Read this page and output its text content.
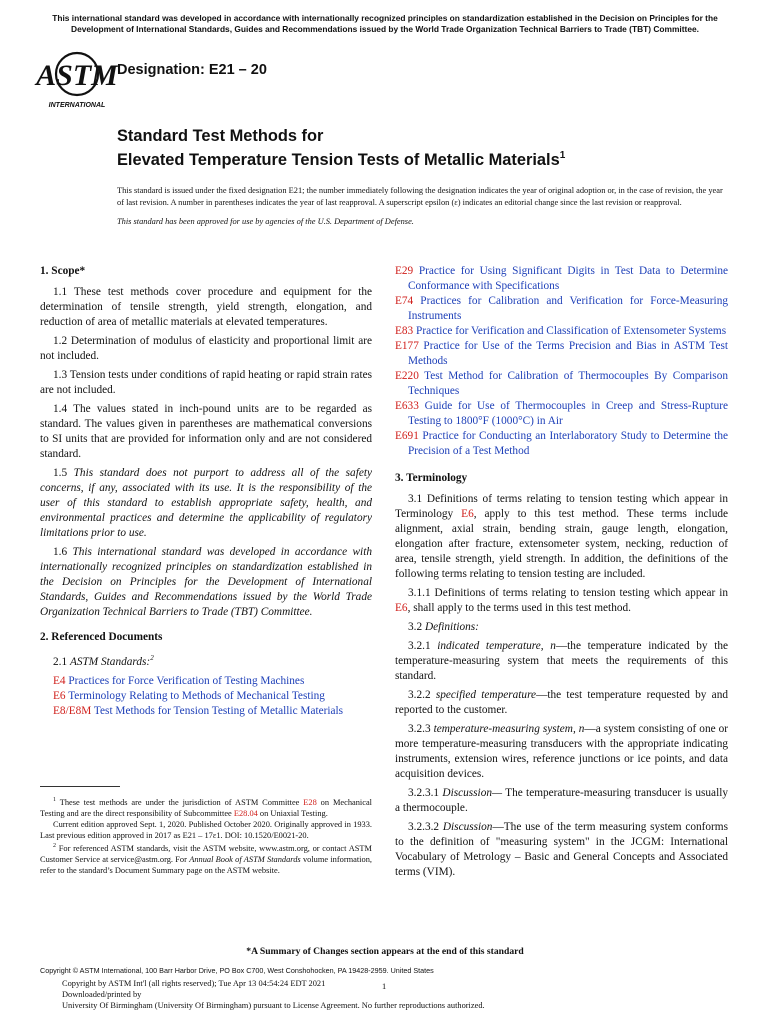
This international standard was developed in accordance with internationally recognized principles on standardization established in the Decision on Principles for the Development of International Standards, Guides and Recommendations issued by the World Trade Organization Technical Barriers to Trade (TBT) Committee.
ASTM
INTERNATIONAL
Designation: E21 – 20
Standard Test Methods for
Elevated Temperature Tension Tests of Metallic Materials$^1$

This standard is issued under the fixed designation E21; the number immediately following the designation indicates the year of original adoption or, in the case of revision, the year of last revision. A number in parentheses indicates the year of last reapproval. A superscript epsilon (ε) indicates an editorial change since the last revision or reapproval.

This standard has been approved for use by agencies of the U.S. Department of Defense.

1. Scope*

1.1 These test methods cover procedure and equipment for the determination of tensile strength, yield strength, elongation, and reduction of area of metallic materials at elevated temperatures.

1.2 Determination of modulus of elasticity and proportional limit are not included.

1.3 Tension tests under conditions of rapid heating or rapid strain rates are not included.

1.4 The values stated in inch-pound units are to be regarded as standard. The values given in parentheses are mathematical conversions to SI units that are provided for information only and are not considered standard.

1.5 This standard does not purport to address all of the safety concerns, if any, associated with its use. It is the responsibility of the user of this standard to establish appropriate safety, health, and environmental practices and determine the applicability of regulatory limitations prior to use.

1.6 This international standard was developed in accordance with internationally recognized principles on standardization established in the Decision on Principles for the Development of International Standards, Guides and Recommendations issued by the World Trade Organization Technical Barriers to Trade (TBT) Committee.

2. Referenced Documents

2.1 ASTM Standards:$^2$

E4 Practices for Force Verification of Testing Machines

E6 Terminology Relating to Methods of Mechanical Testing

E8/E8M Test Methods for Tension Testing of Metallic Materials

E29 Practice for Using Significant Digits in Test Data to Determine Conformance with Specifications

E74 Practices for Calibration and Verification for Force-Measuring Instruments

E83 Practice for Verification and Classification of Extensometer Systems

E177 Practice for Use of the Terms Precision and Bias in ASTM Test Methods

E220 Test Method for Calibration of Thermocouples By Comparison Techniques

E633 Guide for Use of Thermocouples in Creep and Stress-Rupture Testing to 1800°F (1000°C) in Air

E691 Practice for Conducting an Interlaboratory Study to Determine the Precision of a Test Method

3. Terminology

3.1 Definitions of terms relating to tension testing which appear in Terminology E6, apply to this test method. These terms include alignment, axial strain, bending strain, gauge length, elongation, elongation after fracture, extensometer system, necking, reduction of area, tensile strength, yield strength. In addition, the definitions of the following terms relating to tension testing are included.

3.1.1 Definitions of terms relating to tension testing which appear in E6, shall apply to the terms used in this test method.

3.2 Definitions:

3.2.1 indicated temperature, n—the temperature indicated by the temperature-measuring system that meets the requirements of this standard.

3.2.2 specified temperature—the test temperature requested by and reported to the customer.

3.2.3 temperature-measuring system, n—a system consisting of one or more temperature-measuring transducers with the appropriate indicating instruments, extension wires, reference junctions or ice points, and data acquisition devices.

3.2.3.1 Discussion— The temperature-measuring transducer is usually a thermocouple.

3.2.3.2 Discussion—The use of the term measuring system conforms to the definition of "measuring system" in the JCGM: International Vocabulary of Metrology – Basic and General Concepts and Associated terms (VIM).

$^1$ These test methods are under the jurisdiction of ASTM Committee E28 on Mechanical Testing and are the direct responsibility of Subcommittee E28.04 on Uniaxial Testing.

Current edition approved Sept. 1, 2020. Published October 2020. Originally approved in 1933. Last previous edition approved in 2017 as E21 – 17ε1. DOI: 10.1520/E0021-20.

$^2$ For referenced ASTM standards, visit the ASTM website, www.astm.org, or contact ASTM Customer Service at service@astm.org. For Annual Book of ASTM Standards volume information, refer to the standard’s Document Summary page on the ASTM website.

*A Summary of Changes section appears at the end of this standard
Copyright © ASTM International, 100 Barr Harbor Drive, PO Box C700, West Conshohocken, PA 19428-2959. United States
Copyright by ASTM Int'l (all rights reserved); Tue Apr 13 04:54:24 EDT 2021
Downloaded/printed by
University Of Birmingham (University Of Birmingham) pursuant to License Agreement. No further reproductions authorized.
1
